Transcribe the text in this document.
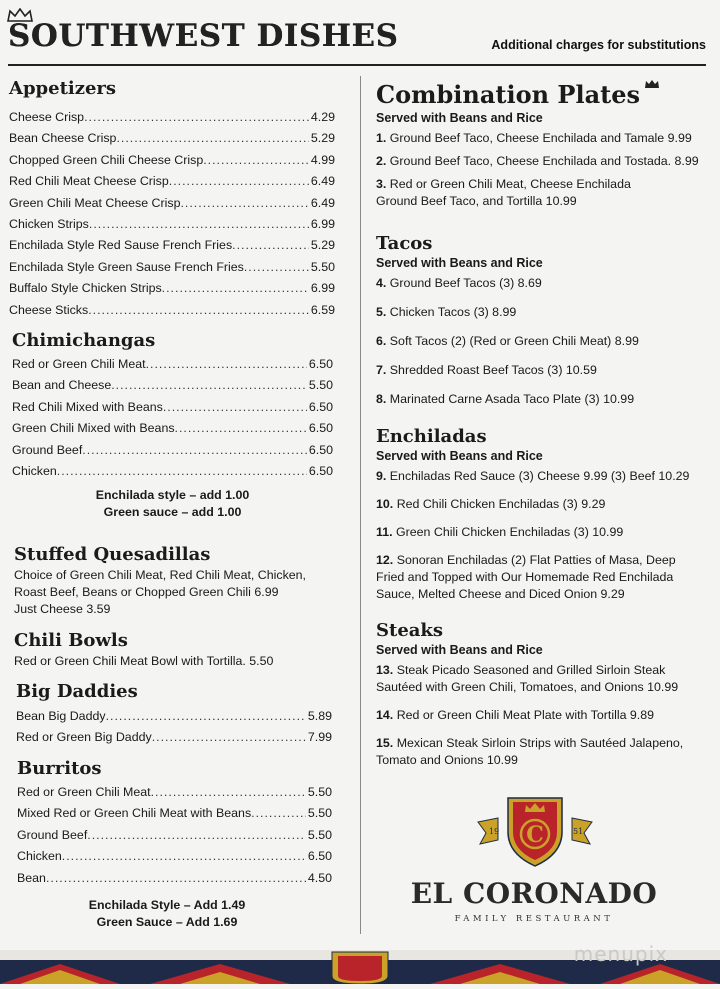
SOUTHWEST DISHES	Additional charges for substitutions
Appetizers
Cheese Crisp .....	4.29
Bean Cheese Crisp .....	5.29
Chopped Green Chili Cheese Crisp .....	4.99
Red Chili Meat Cheese Crisp .....	6.49
Green Chili Meat Cheese Crisp .....	6.49
Chicken Strips .....	6.99
Enchilada Style Red Sause French Fries .....	5.29
Enchilada Style Green Sause French Fries .....	5.50
Buffalo Style Chicken Strips .....	6.99
Cheese Sticks .....	6.59
Chimichangas
Red or Green Chili Meat .....	6.50
Bean and Cheese .....	5.50
Red Chili Mixed with Beans .....	6.50
Green Chili Mixed with Beans .....	6.50
Ground Beef .....	6.50
Chicken .....	6.50
Enchilada style – add 1.00
Green sauce – add 1.00
Stuffed Quesadillas
Choice of Green Chili Meat, Red Chili Meat, Chicken,
Roast Beef, Beans or Chopped Green Chili 6.99
Just Cheese 3.59
Chili Bowls
Red or Green Chili Meat Bowl with Tortilla. 5.50
Big Daddies
Bean Big Daddy .....	5.89
Red or Green Big Daddy .....	7.99
Burritos
Red or Green Chili Meat .....	5.50
Mixed Red or Green Chili Meat with Beans .....	5.50
Ground Beef .....	5.50
Chicken .....	6.50
Bean .....	4.50
Enchilada Style – Add 1.49
Green Sauce – Add 1.69
Combination Plates
Served with Beans and Rice
1. Ground Beef Taco, Cheese Enchilada and Tamale 9.99
2. Ground Beef Taco, Cheese Enchilada and Tostada. 8.99
3. Red or Green Chili Meat, Cheese Enchilada
Ground Beef Taco, and Tortilla 10.99
Tacos
Served with Beans and Rice
4. Ground Beef Tacos (3) 8.69
5. Chicken Tacos (3) 8.99
6. Soft Tacos (2) (Red or Green Chili Meat) 8.99
7. Shredded Roast Beef Tacos (3) 10.59
8. Marinated Carne Asada Taco Plate (3) 10.99
Enchiladas
Served with Beans and Rice
9. Enchiladas Red Sauce (3) Cheese 9.99 (3) Beef 10.29
10. Red Chili Chicken Enchiladas (3) 9.29
11. Green Chili Chicken Enchiladas (3) 10.99
12. Sonoran Enchiladas (2) Flat Patties of Masa, Deep
Fried and Topped with Our Homemade Red Enchilada
Sauce, Melted Cheese and Diced Onion 9.29
Steaks
Served with Beans and Rice
13. Steak Picado Seasoned and Grilled Sirloin Steak
Sautéed with Green Chili, Tomatoes, and Onions 10.99
14. Red or Green Chili Meat Plate with Tortilla 9.89
15. Mexican Steak Sirloin Strips with Sautéed Jalapeno,
Tomato and Onions 10.99
19	51
C
EL CORONADO
FAMILY RESTAURANT
menupix
